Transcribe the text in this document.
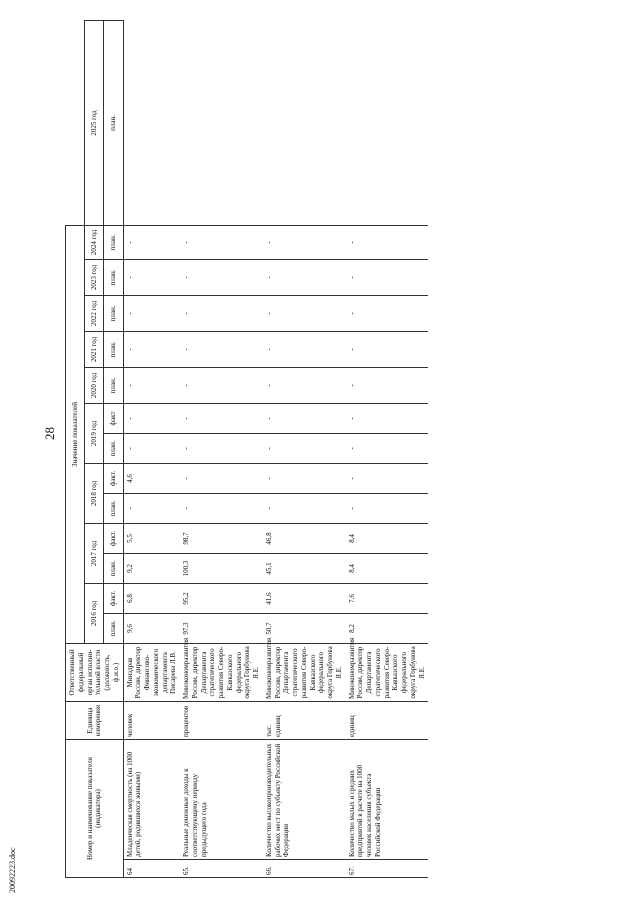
28
20092223.doc
Номер и наименование показателя (индикатора)		Единица измерения	Ответственный федеральный орган исполни-тельной власти (должность, ф.и.о.)	Значение показателей													
				2016 год		2017 год		2018 год		2019 год		2020 год	2021 год	2022 год	2023 год	2024 год	2025 год
				план.	факт.	план.	факт.	план.	факт.	план.	факт	план.	план.	план.	план.	план.	план.
64	Младенческая смертность (на 1000 детей, родившихся живыми)	человек	Минздрав России, директор Финансово-экономического департамента Писарева Л.В.	9,6	6,8	9,2	5,5	-	4,6	-	-	-	-	-	-	-	
65.	Реальные денежные доходы к соответствующему периоду предыдущего года	процентов	Минэкономразвития России, директор Департамента стратегического развития Северо-Кавказского федерального округа Горбунова Я.Е.	97,3	95,2	100,3	98,7	-	-	-	-	-	-	-	-	-	
66.	Количество высокопроизводительных рабочих мест по субъекту Российской Федерации	тыс. единиц	Минэкономразвития России, директор Департамента стратегического развития Северо-Кавказского федерального округа Горбунова Я.Е.	50,7	41,6	45,1	46,8	-	-	-	-	-	-	-	-	-	
67.	Количество малых и средних предприятий в расчете на 1000 человек населения субъекта Российской Федерации	единиц	Минэкономразвития России, директор Департамента стратегического развития Северо-Кавказского федерального округа Горбунова Я.Е.	8,2	7,6	8,4	8,4	-	-	-	-	-	-	-	-	-	
